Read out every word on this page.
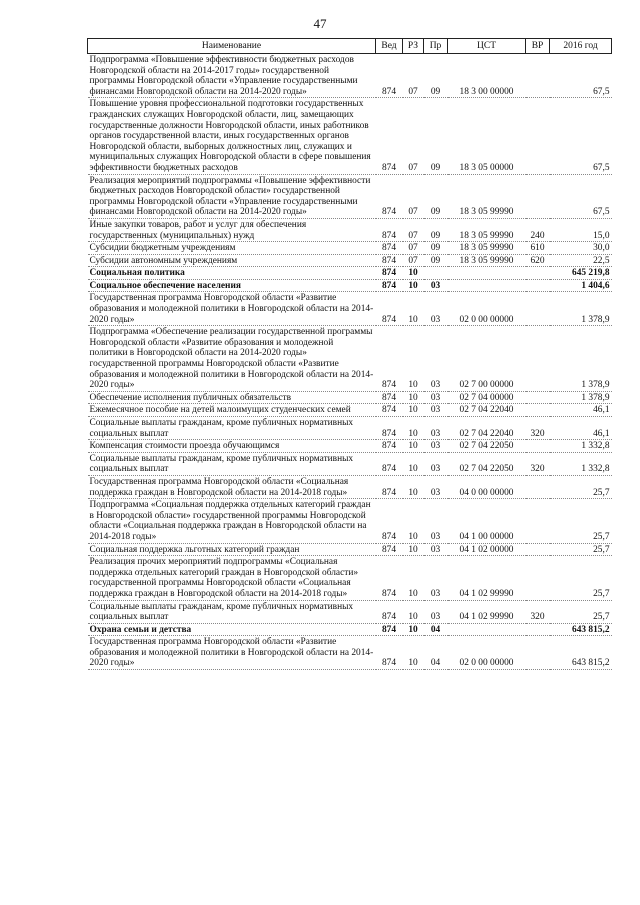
47
Наименование	Вед	РЗ	Пр	ЦСТ	ВР	2016 год
Подпрограмма «Повышение эффективности бюджетных расходов Новгородской области на 2014-2017 годы» государственной программы Новгородской области «Управление государственными финансами Новгородской области на 2014-2020 годы»	874	07	09	18 3 00 00000		67,5
Повышение уровня профессиональной подготовки государственных гражданских служащих Новгородской области, лиц, замещающих государственные должности Новгородской области, иных работников органов государственной власти, иных государственных органов Новгородской области, выборных должностных лиц, служащих и муниципальных служащих Новгородской области в сфере повышения эффективности бюджетных расходов	874	07	09	18 3 05 00000		67,5
Реализация мероприятий подпрограммы «Повышение эффективности бюджетных расходов Новгородской области» государственной программы Новгородской области «Управление государственными финансами Новгородской области на 2014-2020 годы»	874	07	09	18 3 05 99990		67,5
Иные закупки товаров, работ и услуг для обеспечения государственных (муниципальных) нужд	874	07	09	18 3 05 99990	240	15,0
Субсидии бюджетным учреждениям	874	07	09	18 3 05 99990	610	30,0
Субсидии автономным учреждениям	874	07	09	18 3 05 99990	620	22,5
Социальная политика	874	10				645 219,8
Социальное обеспечение населения	874	10	03			1 404,6
Государственная программа Новгородской области «Развитие образования и молодежной политики в Новгородской области на 2014-2020 годы»	874	10	03	02 0 00 00000		1 378,9
Подпрограмма «Обеспечение реализации государственной программы Новгородской области «Развитие образования и молодежной политики в Новгородской области на 2014-2020 годы» государственной программы Новгородской области «Развитие образования и молодежной политики в Новгородской области на 2014-2020 годы»	874	10	03	02 7 00 00000		1 378,9
Обеспечение исполнения публичных обязательств	874	10	03	02 7 04 00000		1 378,9
Ежемесячное пособие на детей малоимущих студенческих семей	874	10	03	02 7 04 22040		46,1
Социальные выплаты гражданам, кроме публичных нормативных социальных выплат	874	10	03	02 7 04 22040	320	46,1
Компенсация стоимости проезда обучающимся	874	10	03	02 7 04 22050		1 332,8
Социальные выплаты гражданам, кроме публичных нормативных социальных выплат	874	10	03	02 7 04 22050	320	1 332,8
Государственная программа Новгородской области «Социальная поддержка граждан в Новгородской области на 2014-2018 годы»	874	10	03	04 0 00 00000		25,7
Подпрограмма «Социальная поддержка отдельных категорий граждан в Новгородской области» государственной программы Новгородской области «Социальная поддержка граждан в Новгородской области на 2014-2018 годы»	874	10	03	04 1 00 00000		25,7
Социальная поддержка льготных категорий граждан	874	10	03	04 1 02 00000		25,7
Реализация прочих мероприятий подпрограммы «Социальная поддержка отдельных категорий граждан в Новгородской области» государственной программы Новгородской области «Социальная поддержка граждан в Новгородской области на 2014-2018 годы»	874	10	03	04 1 02 99990		25,7
Социальные выплаты гражданам, кроме публичных нормативных социальных выплат	874	10	03	04 1 02 99990	320	25,7
Охрана семьи и детства	874	10	04			643 815,2
Государственная программа Новгородской области «Развитие образования и молодежной политики в Новгородской области на 2014-2020 годы»	874	10	04	02 0 00 00000		643 815,2
